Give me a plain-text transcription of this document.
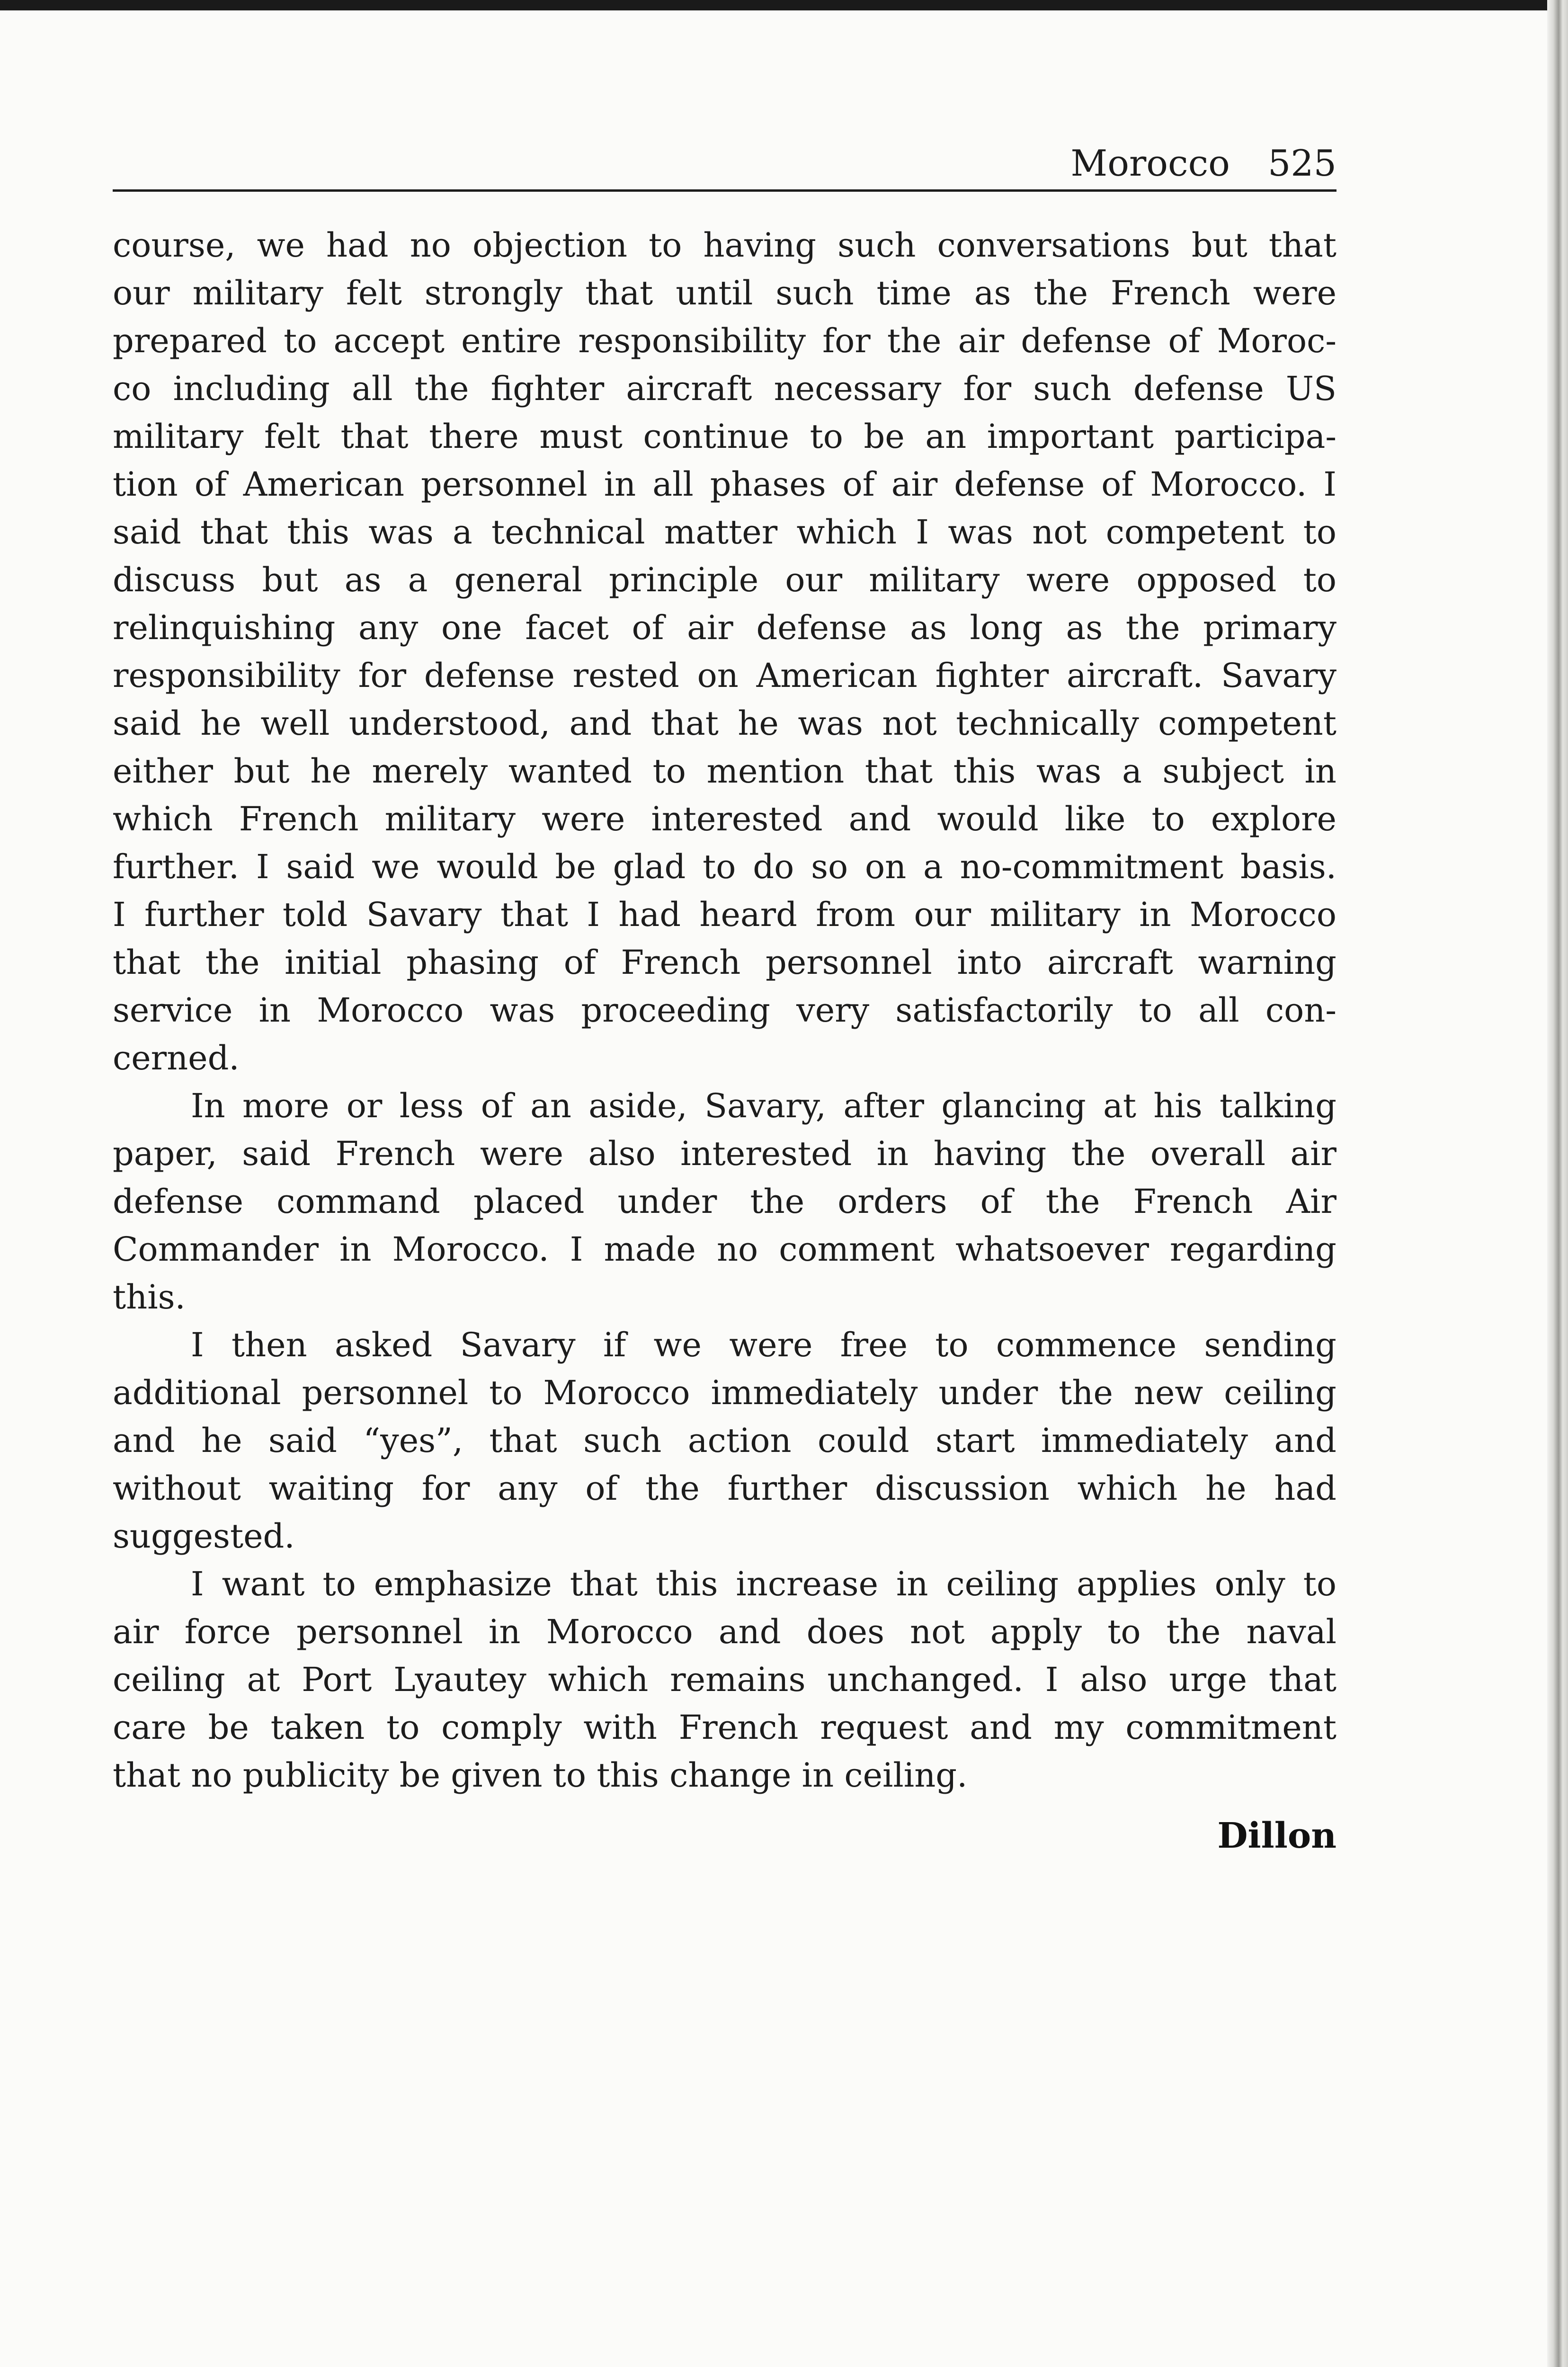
Morocco 525
course, we had no objection to having such conversations but that
our military felt strongly that until such time as the French were
prepared to accept entire responsibility for the air defense of Moroc-
co including all the fighter aircraft necessary for such defense US
military felt that there must continue to be an important participa-
tion of American personnel in all phases of air defense of Morocco. I
said that this was a technical matter which I was not competent to
discuss but as a general principle our military were opposed to
relinquishing any one facet of air defense as long as the primary
responsibility for defense rested on American fighter aircraft. Savary
said he well understood, and that he was not technically competent
either but he merely wanted to mention that this was a subject in
which French military were interested and would like to explore
further. I said we would be glad to do so on a no-commitment basis.
I further told Savary that I had heard from our military in Morocco
that the initial phasing of French personnel into aircraft warning
service in Morocco was proceeding very satisfactorily to all con-
cerned.
In more or less of an aside, Savary, after glancing at his talking
paper, said French were also interested in having the overall air
defense command placed under the orders of the French Air
Commander in Morocco. I made no comment whatsoever regarding
this.
I then asked Savary if we were free to commence sending
additional personnel to Morocco immediately under the new ceiling
and he said “yes”, that such action could start immediately and
without waiting for any of the further discussion which he had
suggested.
I want to emphasize that this increase in ceiling applies only to
air force personnel in Morocco and does not apply to the naval
ceiling at Port Lyautey which remains unchanged. I also urge that
care be taken to comply with French request and my commitment
that no publicity be given to this change in ceiling.
Dillon
